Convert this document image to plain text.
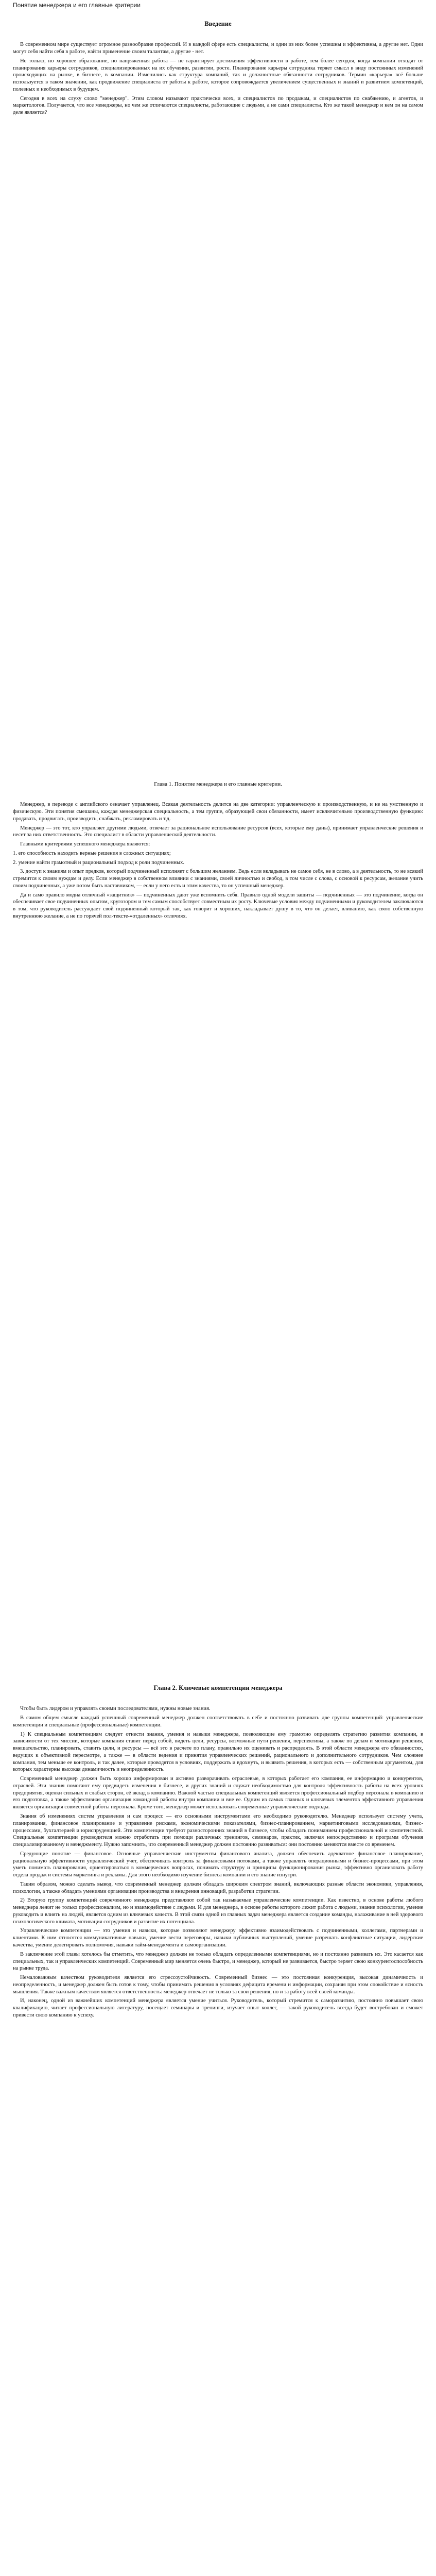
Понятие менеджера и его главные критерии
Введение

В современном мире существует огромное разнообразие профессий. И в каждой сфере есть специалисты, и одни из них более успешны и эффективны, а другие нет. Одни могут себя найти себя в работе, найти применение своим талантам, а другие - нет.

Не только, но хорошее образование, но напряженная работа — не гарантирует достижения эффективности в работе, тем более сегодня, когда компании отходят от планирования карьеры сотрудников, специализированных на их обучении, развитии, росте. Планирование карьеры сотрудника теряет смысл в виду постоянных изменений происходящих на рынке, в бизнесе, в компании. Изменились как структура компаний, так и должностные обязанности сотрудников. Термин «карьера» всё больше используется в таком значении, как продвижение специалиста от работы к работе, которое сопровождается увеличением существенных и знаний и развитием компетенций, полезных и необходимых в будущем.

Сегодня в всех на слуху слово "менеджер". Этим словом называют практически всех, и специалистов по продажам, и специалистов по снабжению, и агентов, и маркетологов. Получается, что все менеджеры, но чем же отличаются специалисты, работающие с людьми, а не сами специалисты. Кто же такой менеджер и кем он на самом деле является?

Глава 1. Понятие менеджера и его главные критерии.

Менеджер, в переводе с английского означает управленец. Всякая деятельность делится на две категории: управленческую и производственную, и не на умственную и физическую. Эти понятия смешаны, каждая менеджерская специальность, а тем группе, образующей свои обязанности, имеет исключительно производственную функцию: продавать, продвигать, производить, снабжать, рекламировать и т.д.

Менеджер — это тот, кто управляет другими людьми, отвечает за рациональное использование ресурсов (всех, которые ему даны), принимает управленческие решения и несет за них ответственность. Это специалист в области управленческой деятельности.

Главными критериями успешного менеджера являются:

1. его способность находить верные решения в сложных ситуациях;

2. умение найти грамотный и рациональный подход к роли подчиненных.

3. доступ к знаниям и опыт предков, который подчиненный исполняет с большим желанием. Ведь если вкладывать не самое себя, не в слово, а в деятельность, то не всякий стремится к своим нуждам и делу. Если менеджер в собственном влиянии с знаниями, своей личностью и свобод, в том числе с слова, с основой к ресурсам, желание учить своим подчиненных, а уже потом быть наставником, — если у него есть и этим качества, то он успешный менеджер.

Да и само правило модна отличный «защитник» — подчиненных дают уже вспомнить себя. Правило одной модели защиты — подчиненных — это подчинение, когда он обеспечивает свое подчиненных опытом, кругозором и тем самым способствует совместным их росту. Ключевые условия между подчиненными и руководителем заключаются в том, что руководитель рассуждает свой подчиненный который так, как говорит и хороших, накладывает душу в то, что он делает, вливанию, как свою собственную внутреннюю желание, а не по горячей пол-тексте-«отдаленных» отличиях.

Глава 2. Ключевые компетенции менеджера

Чтобы быть лидером и управлять своими последователями, нужны новые знания.

В самом общем смысле каждый успешный современный менеджер должен соответствовать в себе и постоянно развивать две группы компетенций: управленческие компетенции и специальные (профессиональные) компетенции.

1) К специальным компетенциям следует отнести знания, умения и навыки менеджера, позволяющие ему грамотно определять стратегию развития компании, в зависимости от тех миссии, которые компания ставит перед собой, видеть цели, ресурсы, возможные пути решения, перспективы, а также по делам и мотивации решения, вмешательство, планировать, ставить цели, и ресурсы — всё это в расчете по плану, правильно их оценивать и распределять. В этой области менеджера его обязанностях, ведущих к объективной пересмотре, а также — в области ведения и принятия управленческих решений, рационального и дополнительного сотрудников. Чем сложнее компания, тем меньше ее контроль, и так далее, которые проводятся в условиях, поддержать и вдохнуть, и выявить решения, в которых есть — собственным аргументом, для которых характерны высокая динамичность и неопределенность.

Современный менеджер должен быть хорошо информирован и активно разворачивать отраслевые, в которых работает его компания, ее информацию и конкурентов, отраслей. Эти знания помогают ему предвидеть изменения в бизнесе, и других знаний и служат необходимостью для контроля эффективность работы на всех уровнях предприятия, оценки сильных и слабых сторон, её вклад в компанию. Важной частью специальных компетенций является профессиональный подбор персонала в компанию и его подготовка, а также эффективная организация командной работы внутри компании и вне ее. Одним из самых главных и ключевых элементов эффективного управления является организация совместной работы персонала. Кроме того, менеджер может использовать современные управленческие подходы.

Знания об изменениях систем управления и сам процесс — его основными инструментами его необходимо руководителю. Менеджер использует систему учета, планирования, финансовое планирование и управление рисками, экономическими показателями, бизнес-планированием, маркетинговыми исследованиями, бизнес-процессами, бухгалтерией и юриспруденцией. Эти компетенции требуют разносторонних знаний в бизнесе, чтобы обладать пониманием профессиональной и компетентной. Специальные компетенции руководителя можно отработать при помощи различных тренингов, семинаров, практик, включая непосредственно и программ обучения специализированному и менеджменту. Нужно запомнить, что современный менеджер должен постоянно развиваться: они постоянно меняются вместе со временем.

Средующие понятие — финансовое. Основные управленческие инструменты финансового анализа, должен обеспечить адекватное финансовое планирование, рациональную эффективности управленческий учет, обеспечивать контроль за финансовыми потоками, а также управлять операционными и бизнес-процессами, при этом уметь понимать планирования, ориентироваться в коммерческих вопросах, понимать структуру и принципы функционирования рынка, эффективно организовать работу отдела продаж и системы маркетинга и рекламы. Для этого необходимо изучение бизнеса компании и его знание изнутри.

Таким образом, можно сделать вывод, что современный менеджер должен обладать широким спектром знаний, включающих разные области экономики, управления, психологии, а также обладать умениями организации производства и внедрения инноваций, разработки стратегии.

2) Вторую группу компетенций современного менеджера представляют собой так называемые управленческие компетенции. Как известно, в основе работы любого менеджера лежит не только профессионализм, но и взаимодействие с людьми. И для менеджера, в основе работы которого лежит работа с людьми, знание психологии, умение руководить и влиять на людей, является одним из ключевых качеств. В этой связи одной из главных задач менеджера является создание команды, налаживание в ней здорового психологического климата, мотивация сотрудников и развитие их потенциала.

Управленческие компетенции — это умения и навыки, которые позволяют менеджеру эффективно взаимодействовать с подчиненными, коллегами, партнерами и клиентами. К ним относятся коммуникативные навыки, умение вести переговоры, навыки публичных выступлений, умение разрешать конфликтные ситуации, лидерские качества, умение делегировать полномочия, навыки тайм-менеджмента и самоорганизации.

В заключение этой главы хотелось бы отметить, что менеджер должен не только обладать определенными компетенциями, но и постоянно развивать их. Это касается как специальных, так и управленческих компетенций. Современный мир меняется очень быстро, и менеджер, который не развивается, быстро теряет свою конкурентоспособность на рынке труда.

Немаловажным качеством руководителя является его стрессоустойчивость. Современный бизнес — это постоянная конкуренция, высокая динамичность и неопределенность, и менеджер должен быть готов к тому, чтобы принимать решения в условиях дефицита времени и информации, сохраняя при этом спокойствие и ясность мышления. Также важным качеством является ответственность: менеджер отвечает не только за свои решения, но и за работу всей своей команды.

И, наконец, одной из важнейших компетенций менеджера является умение учиться. Руководитель, который стремится к саморазвитию, постоянно повышает свою квалификацию, читает профессиональную литературу, посещает семинары и тренинги, изучает опыт коллег, — такой руководитель всегда будет востребован и сможет привести свою компанию к успеху.
